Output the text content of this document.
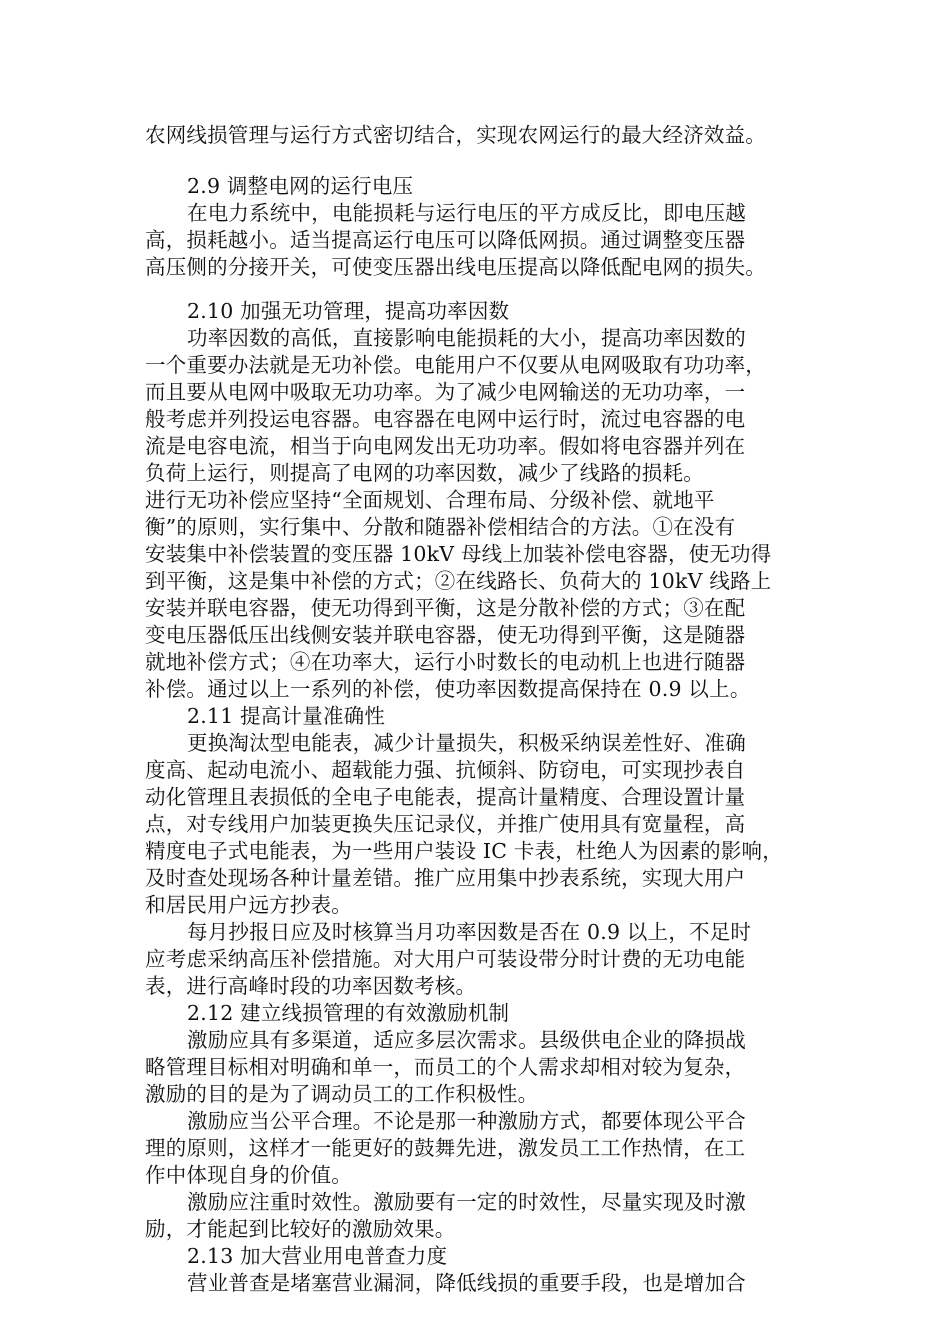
农网线损管理与运行方式密切结合，实现农网运行的最大经济效益。
2.9 调整电网的运行电压
在电力系统中，电能损耗与运行电压的平方成反比，即电压越
高，损耗越小。适当提高运行电压可以降低网损。通过调整变压器
高压侧的分接开关，可使变压器出线电压提高以降低配电网的损失。
2.10 加强无功管理，提高功率因数
功率因数的高低，直接影响电能损耗的大小，提高功率因数的
一个重要办法就是无功补偿。电能用户不仅要从电网吸取有功功率，
而且要从电网中吸取无功功率。为了减少电网输送的无功功率，一
般考虑并列投运电容器。电容器在电网中运行时，流过电容器的电
流是电容电流，相当于向电网发出无功功率。假如将电容器并列在
负荷上运行，则提高了电网的功率因数，减少了线路的损耗。
进行无功补偿应坚持“全面规划、合理布局、分级补偿、就地平
衡”的原则，实行集中、分散和随器补偿相结合的方法。①在没有
安装集中补偿装置的变压器 10kV 母线上加装补偿电容器，使无功得
到平衡，这是集中补偿的方式；②在线路长、负荷大的 10kV 线路上
安装并联电容器，使无功得到平衡，这是分散补偿的方式；③在配
变电压器低压出线侧安装并联电容器，使无功得到平衡，这是随器
就地补偿方式；④在功率大，运行小时数长的电动机上也进行随器
补偿。通过以上一系列的补偿，使功率因数提高保持在 0.9 以上。
2.11 提高计量准确性
更换淘汰型电能表，减少计量损失，积极采纳误差性好、准确
度高、起动电流小、超载能力强、抗倾斜、防窃电，可实现抄表自
动化管理且表损低的全电子电能表，提高计量精度、合理设置计量
点，对专线用户加装更换失压记录仪，并推广使用具有宽量程，高
精度电子式电能表，为一些用户装设 IC 卡表，杜绝人为因素的影响，
及时查处现场各种计量差错。推广应用集中抄表系统，实现大用户
和居民用户远方抄表。
每月抄报日应及时核算当月功率因数是否在 0.9 以上，不足时
应考虑采纳高压补偿措施。对大用户可装设带分时计费的无功电能
表，进行高峰时段的功率因数考核。
2.12 建立线损管理的有效激励机制
激励应具有多渠道，适应多层次需求。县级供电企业的降损战
略管理目标相对明确和单一，而员工的个人需求却相对较为复杂，
激励的目的是为了调动员工的工作积极性。
激励应当公平合理。不论是那一种激励方式，都要体现公平合
理的原则，这样才一能更好的鼓舞先进，激发员工工作热情，在工
作中体现自身的价值。
激励应注重时效性。激励要有一定的时效性，尽量实现及时激
励，才能起到比较好的激励效果。
2.13 加大营业用电普查力度
营业普查是堵塞营业漏洞，降低线损的重要手段，也是增加合
